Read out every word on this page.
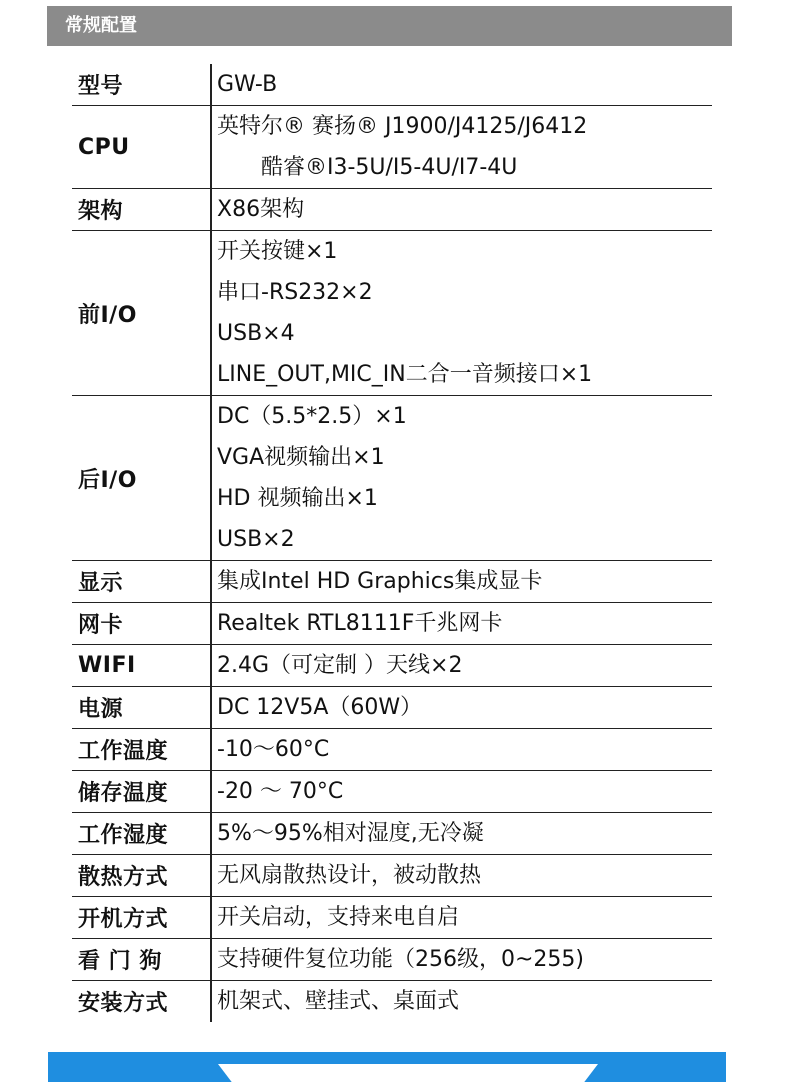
常规配置
型号	GW-B

CPU	英特尔® 赛扬® J1900/J4125/J6412
酷睿®I3-5U/I5-4U/I7-4U

架构	X86架构

前I/O	开关按键×1
串口-RS232×2
USB×4
LINE_OUT,MIC_IN二合一音频接口×1

后I/O	DC（5.5*2.5）×1
VGA视频输出×1
HD 视频输出×1
USB×2

显示	集成Intel HD Graphics集成显卡

网卡	Realtek RTL8111F千兆网卡

WIFI	2.4G（可定制 ）天线×2

电源	DC 12V5A（60W）

工作温度	-10～60°C

储存温度	-20 ～ 70°C

工作湿度	5%～95%相对湿度,无冷凝

散热方式	无风扇散热设计，被动散热

开机方式	开关启动，支持来电自启

看 门 狗	支持硬件复位功能（256级，0~255)

安装方式	机架式、壁挂式、桌面式
